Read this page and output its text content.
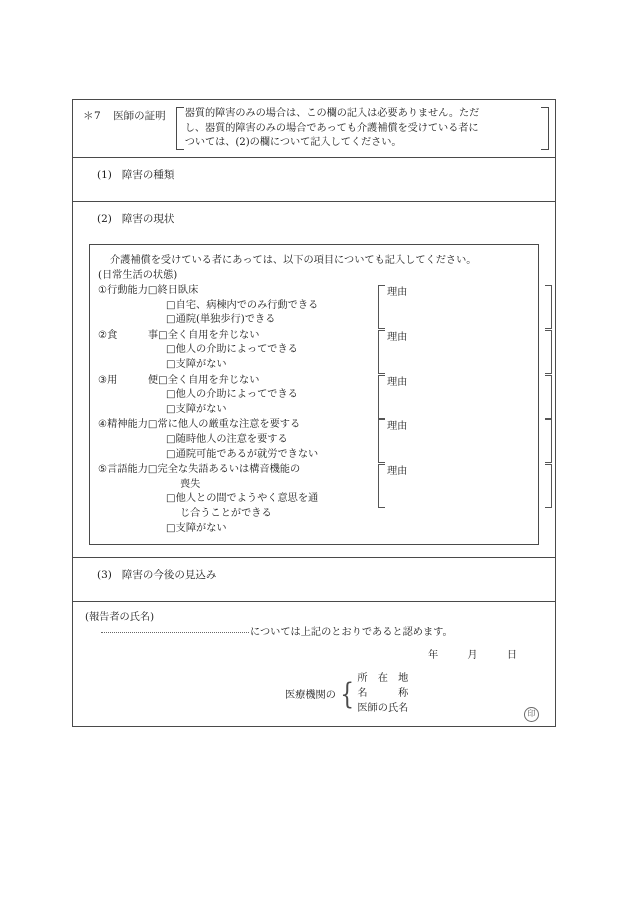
＊7 医師の証明 器質的障害のみの場合は、この欄の記入は必要ありません。ただ
し、器質的障害のみの場合であっても介護補償を受けている者に
ついては、(2)の欄について記入してください。
(1) 障害の種類
(2) 障害の現状
介護補償を受けている者にあっては、以下の項目についても記入してください。
(日常生活の状態)
①行動能力□終日臥床
□自宅、病棟内でのみ行動できる
□通院(単独歩行)できる
理由
②食　　　事□全く自用を弁じない
□他人の介助によってできる
□支障がない
理由
③用　　　便□全く自用を弁じない
□他人の介助によってできる
□支障がない
理由
④精神能力□常に他人の厳重な注意を要する
□随時他人の注意を要する
□通院可能であるが就労できない
理由
⑤言語能力□完全な失語あるいは構音機能の
喪失
□他人との間でようやく意思を通
じ合うことができる
□支障がない
理由
(3) 障害の今後の見込み
(報告者の氏名)
については上記のとおりであると認めます。
年	月	日
医療機関の { 所　在　地
名　　　称
医師の氏名	印
